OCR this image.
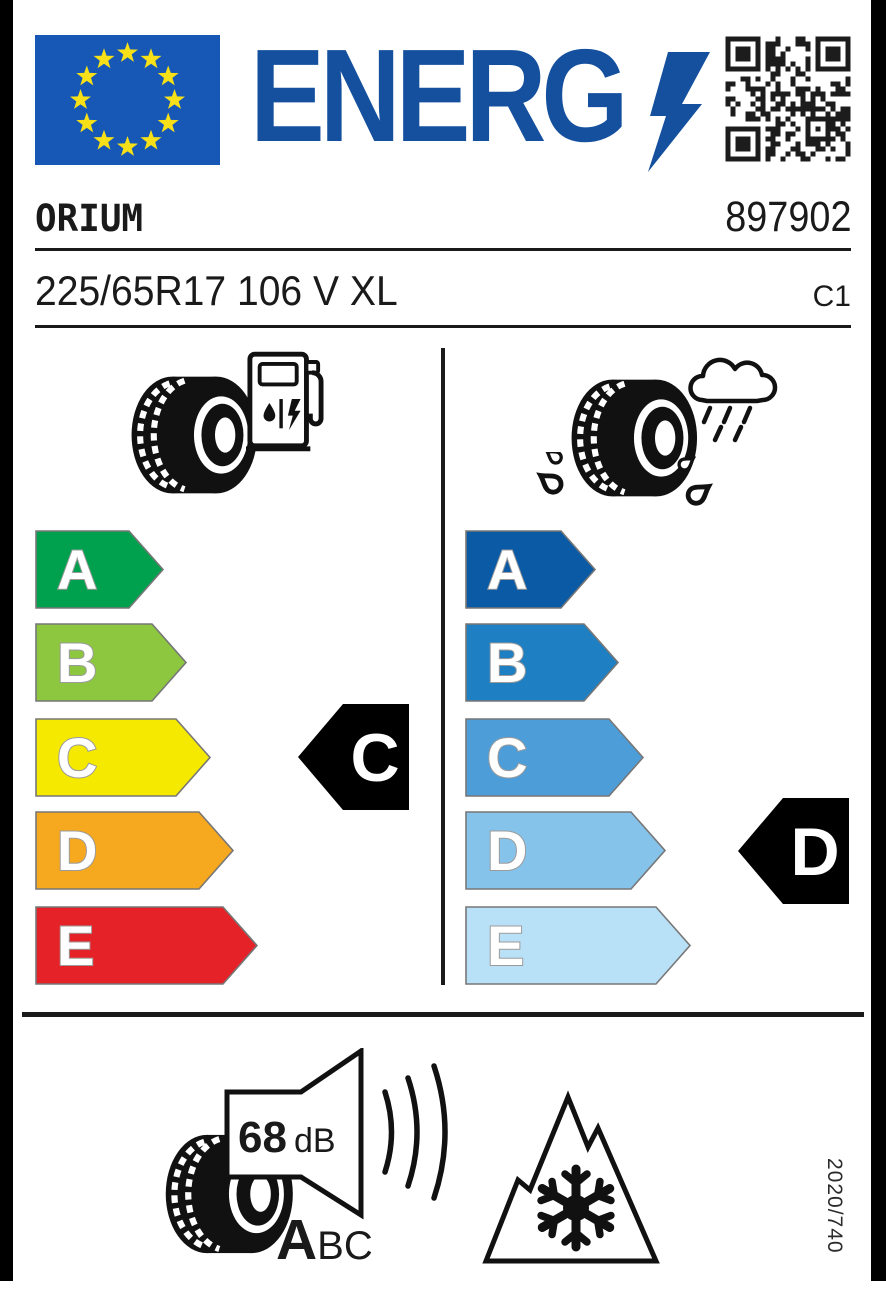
ENERG
ORIUM	897902
225/65R17 106 V XL	C1
A
B
C
D
E
A
B
C
D
E
C
D
68 dB
ABC	2020/740
